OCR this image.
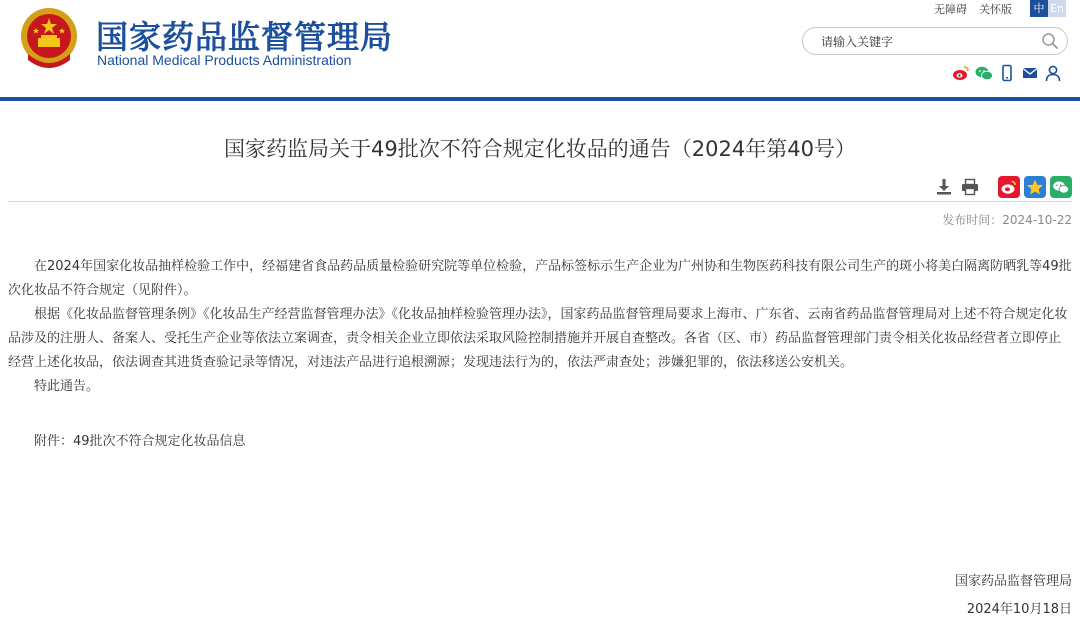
国家药品监督管理局
National Medical Products Administration
无障碍 关怀版	中 En
请输入关键字
国家药监局关于49批次不符合规定化妆品的通告（2024年第40号）
发布时间：2024-10-22

在2024年国家化妆品抽样检验工作中，经福建省食品药品质量检验研究院等单位检验，产品标签标示生产企业为广州协和生物医药科技有限公司生产的斑小将美白隔离防晒乳等49批次化妆品不符合规定（见附件）。

根据《化妆品监督管理条例》《化妆品生产经营监督管理办法》《化妆品抽样检验管理办法》，国家药品监督管理局要求上海市、广东省、云南省药品监督管理局对上述不符合规定化妆品涉及的注册人、备案人、受托生产企业等依法立案调查，责令相关企业立即依法采取风险控制措施并开展自查整改。各省（区、市）药品监督管理部门责令相关化妆品经营者立即停止经营上述化妆品，依法调查其进货查验记录等情况，对违法产品进行追根溯源；发现违法行为的，依法严肃查处；涉嫌犯罪的，依法移送公安机关。

特此通告。

附件：49批次不符合规定化妆品信息

国家药品监督管理局
2024年10月18日
